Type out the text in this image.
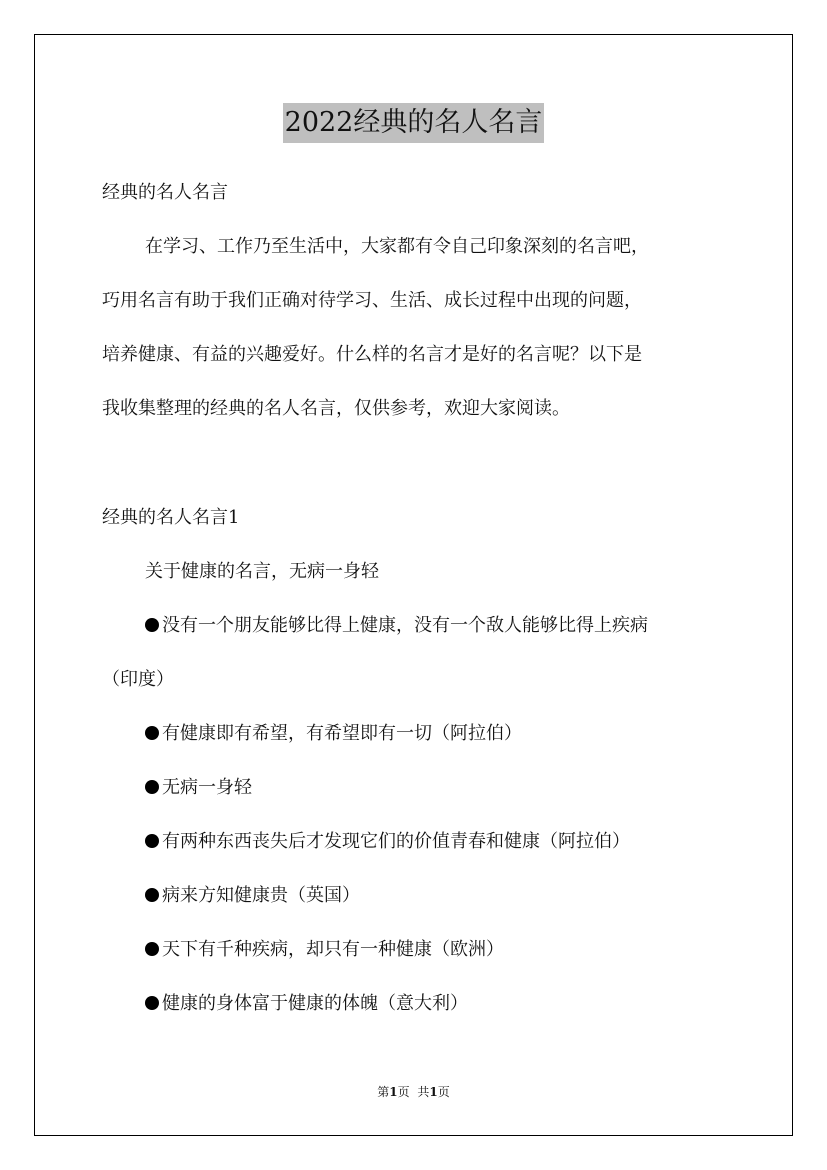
2022经典的名人名言
经典的名人名言
在学习、工作乃至生活中，大家都有令自己印象深刻的名言吧，
巧用名言有助于我们正确对待学习、生活、成长过程中出现的问题，
培养健康、有益的兴趣爱好。什么样的名言才是好的名言呢？以下是
我收集整理的经典的名人名言，仅供参考，欢迎大家阅读。
经典的名人名言1
关于健康的名言，无病一身轻
没有一个朋友能够比得上健康，没有一个敌人能够比得上疾病
（印度）
有健康即有希望，有希望即有一切（阿拉伯）
无病一身轻
有两种东西丧失后才发现它们的价值青春和健康（阿拉伯）
病来方知健康贵（英国）
天下有千种疾病，却只有一种健康（欧洲）
健康的身体富于健康的体魄（意大利）
第1页 共1页
